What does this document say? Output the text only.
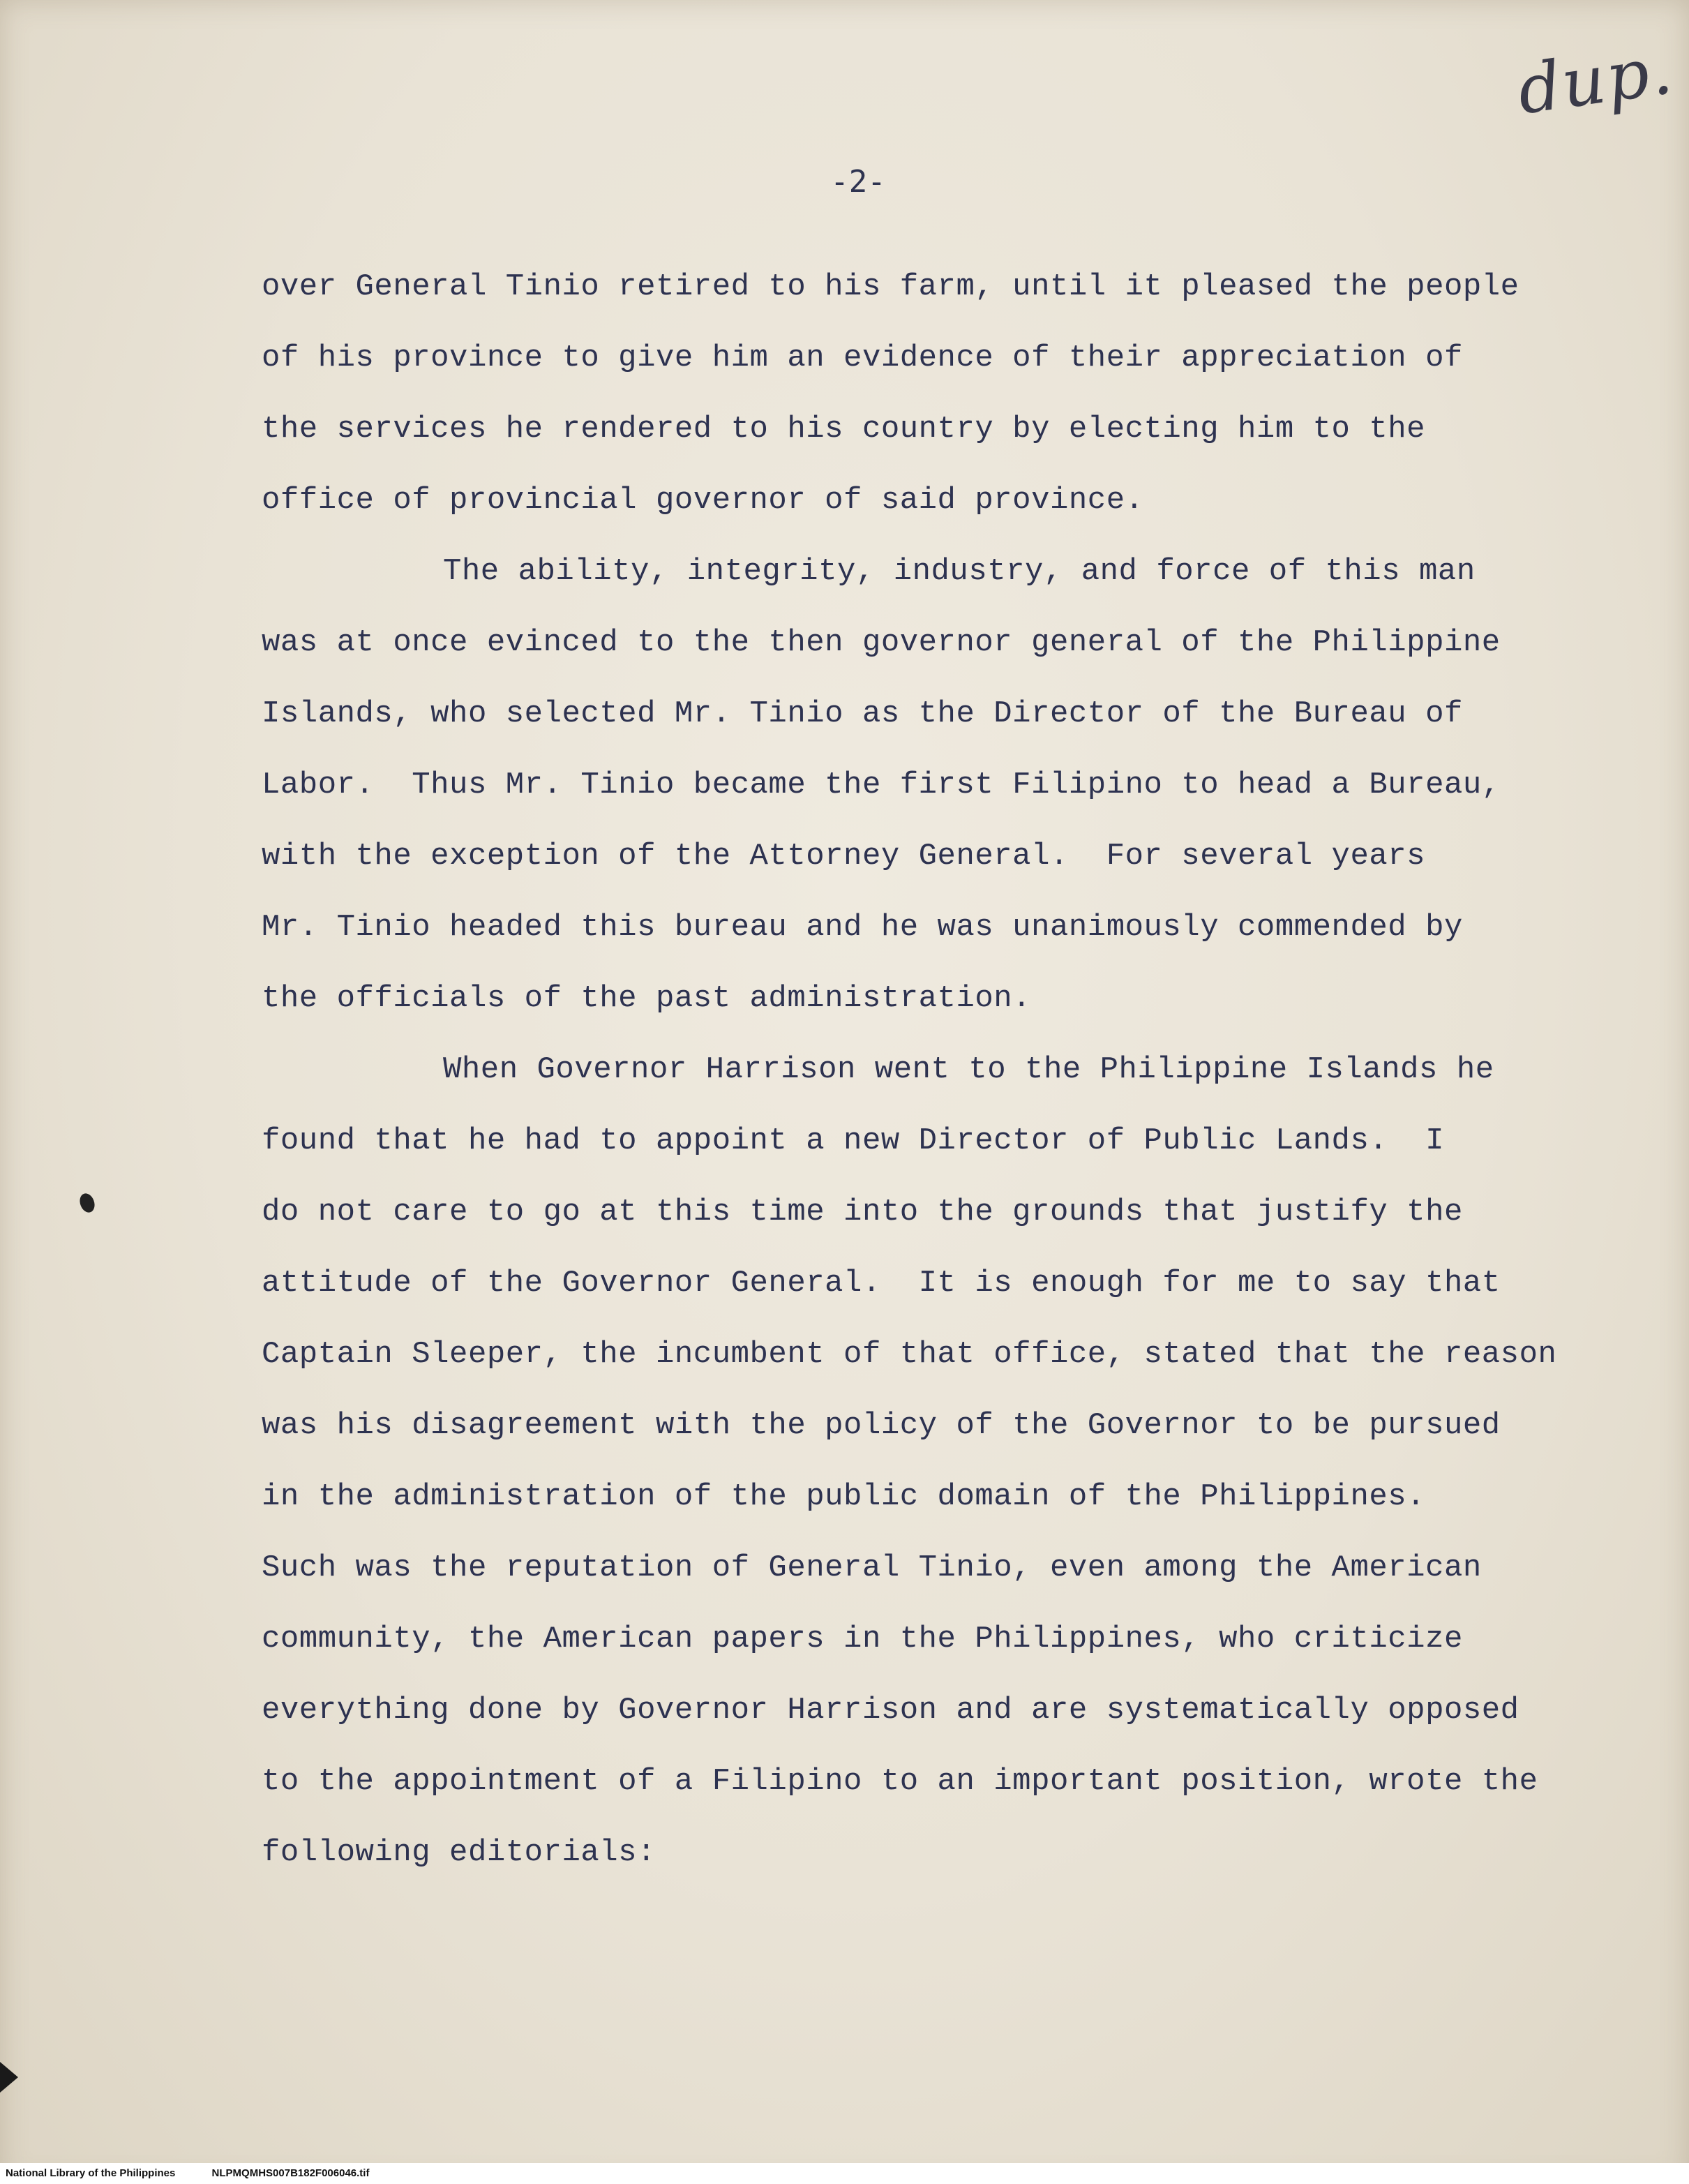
dup.
-2-
over General Tinio retired to his farm, until it pleased the people
of his province to give him an evidence of their appreciation of
the services he rendered to his country by electing him to the
office of provincial governor of said province.
The ability, integrity, industry, and force of this man
was at once evinced to the then governor general of the Philippine
Islands, who selected Mr. Tinio as the Director of the Bureau of
Labor.  Thus Mr. Tinio became the first Filipino to head a Bureau,
with the exception of the Attorney General.  For several years
Mr. Tinio headed this bureau and he was unanimously commended by
the officials of the past administration.
When Governor Harrison went to the Philippine Islands he
found that he had to appoint a new Director of Public Lands.  I
do not care to go at this time into the grounds that justify the
attitude of the Governor General.  It is enough for me to say that
Captain Sleeper, the incumbent of that office, stated that the reason
was his disagreement with the policy of the Governor to be pursued
in the administration of the public domain of the Philippines.
Such was the reputation of General Tinio, even among the American
community, the American papers in the Philippines, who criticize
everything done by Governor Harrison and are systematically opposed
to the appointment of a Filipino to an important position, wrote the
following editorials:
National Library of the Philippines	NLPMQMHS007B182F006046.tif
